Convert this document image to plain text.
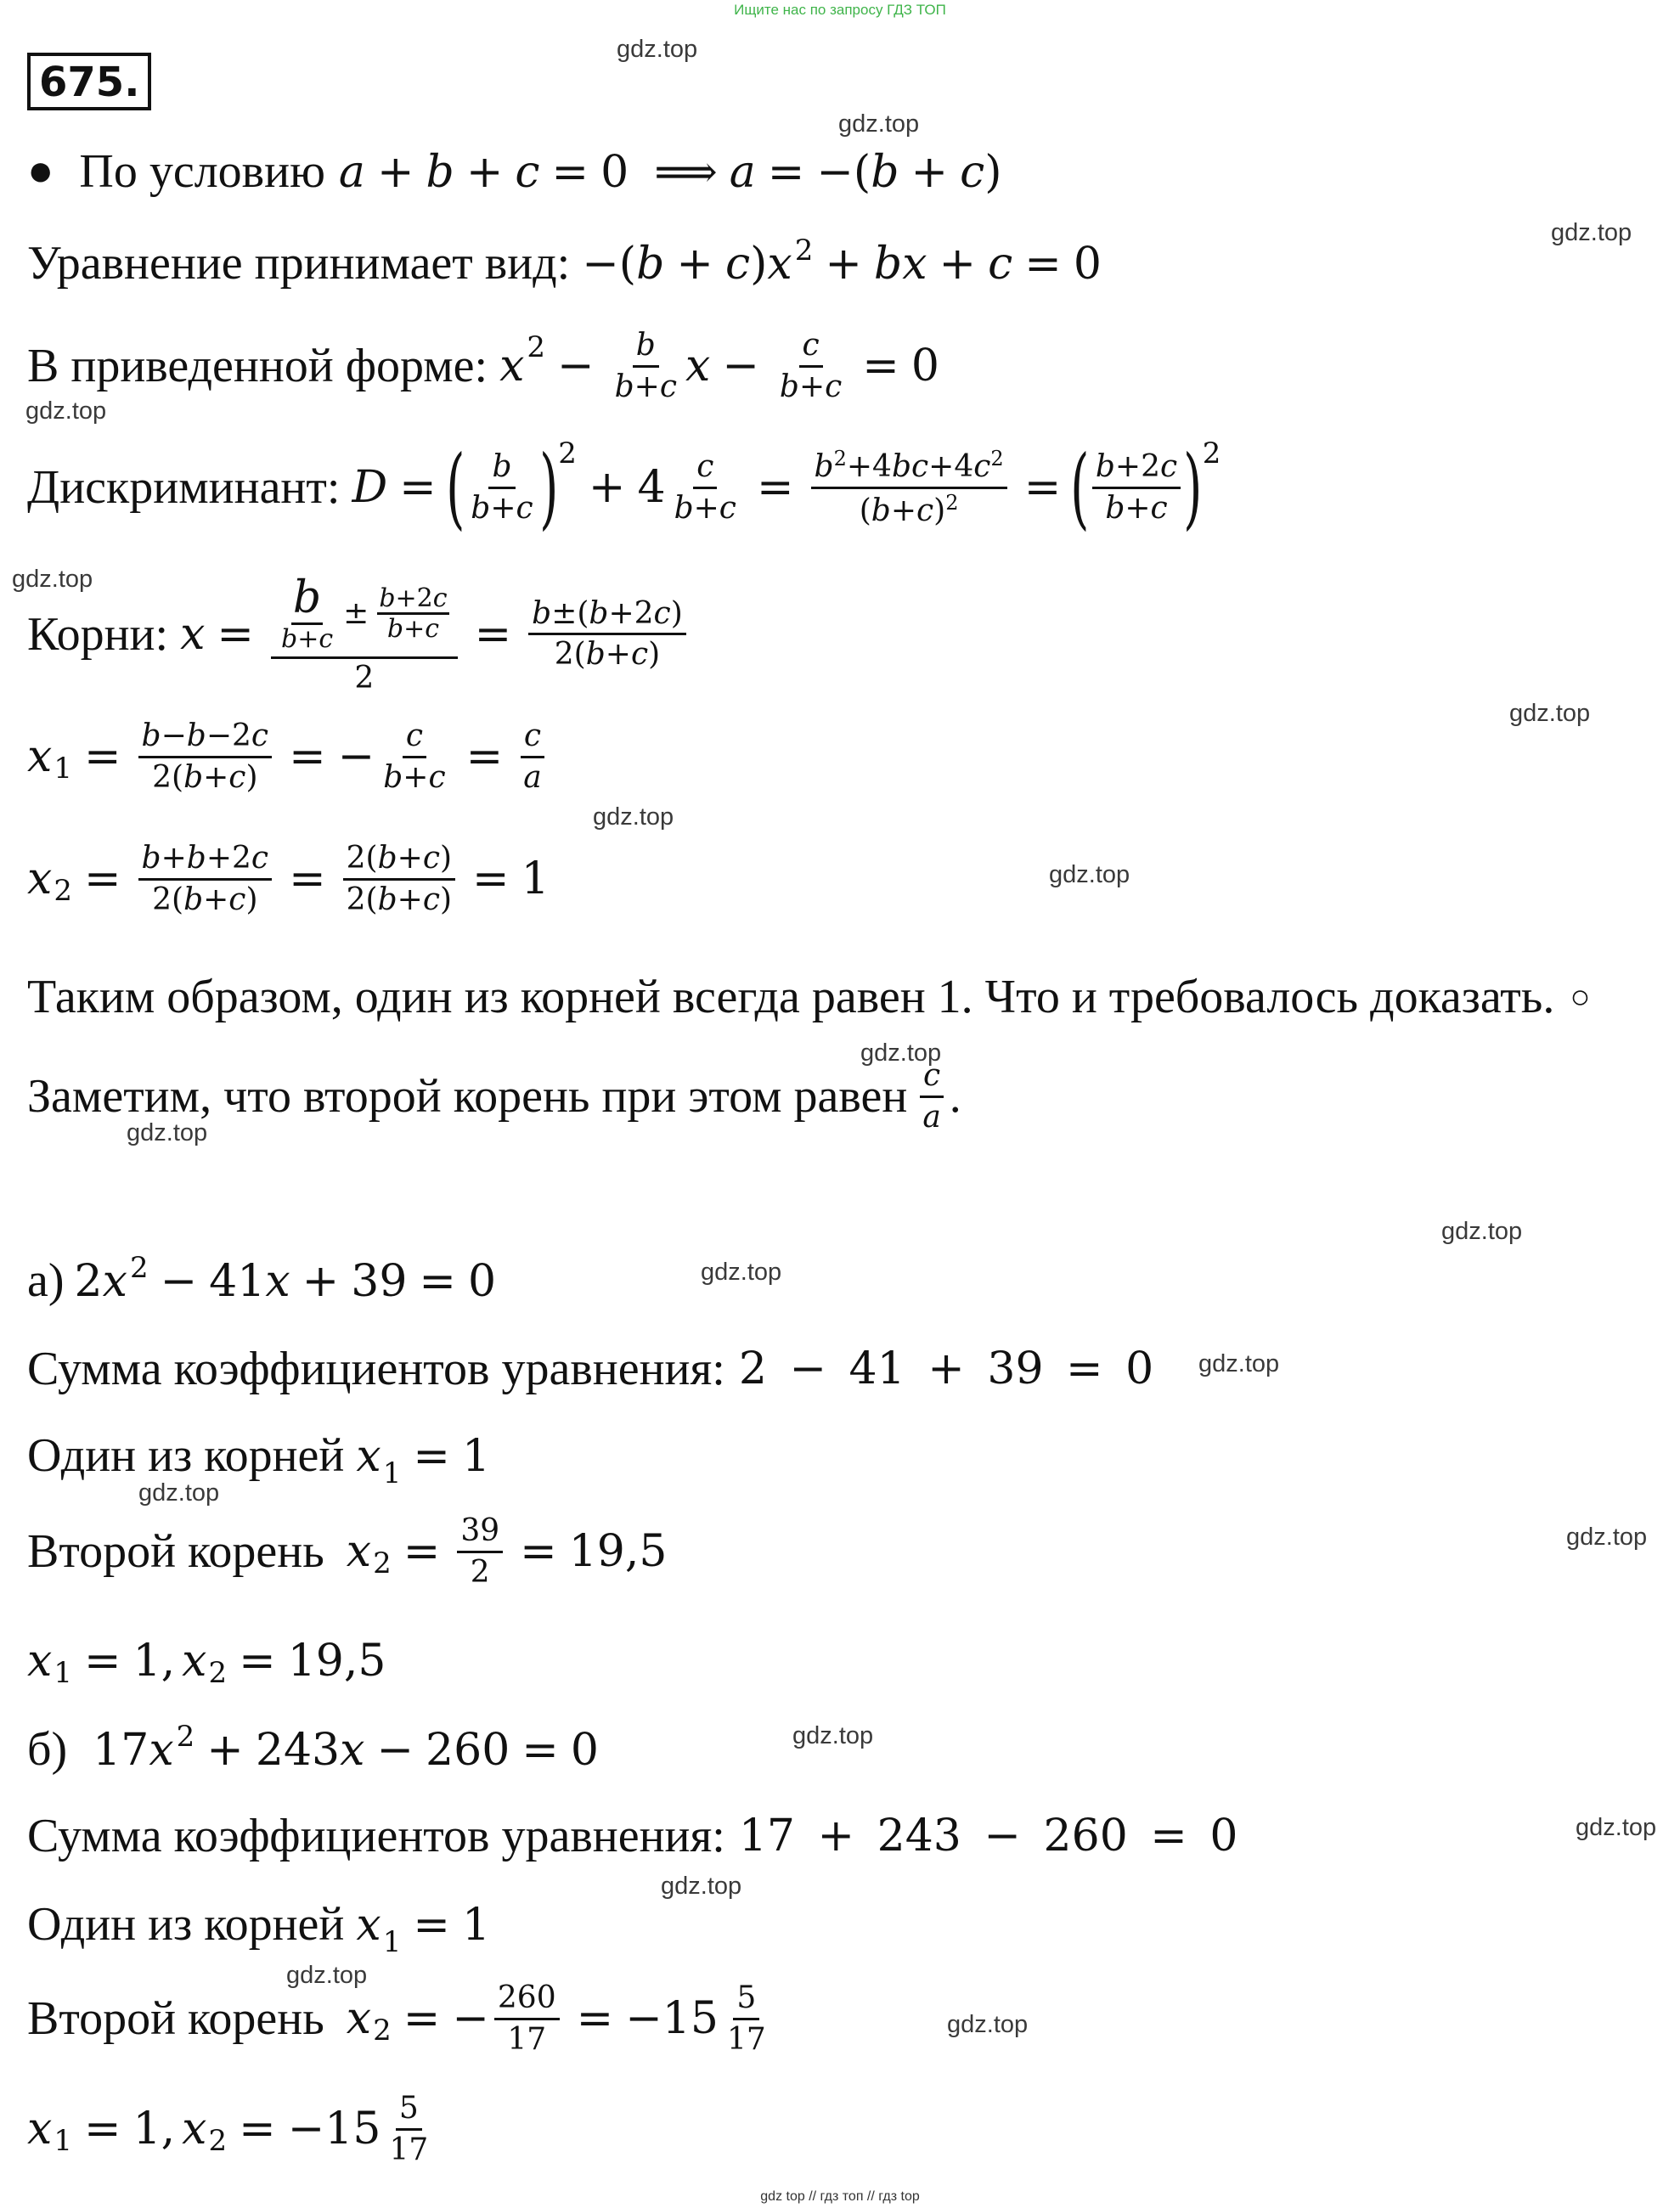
Ищите нас по запросу ГДЗ ТОП
gdz.top
gdz.top
gdz.top
gdz.top
gdz.top
gdz.top
gdz.top
gdz.top
gdz.top
gdz.top
gdz.top
gdz.top
gdz.top
gdz.top
gdz.top
gdz.top
gdz.top
gdz.top
gdz.top
gdz.top
675.
● По условию a + b + c = 0 ⟹ a = −(b + c)
Уравнение принимает вид: $-(b + c)x^2$ + bx + c = 0
В приведенной форме: x $2 - \frac{b}{b+c}$ $x - \frac{c}{b+c} = 0$
Дискриминант: D = ( $\frac{b}{b+c}$ ) 2
+ $4 \frac{c}{b+c} = \frac{b^2+4bc+4c^2}{(b+c)^2}$ = ( $\frac{b+2c}{b+c}$ ) 2
Корни: $x = \frac{\frac{b}{b+c} \pm \frac{b+2c}{b+c}}{2} = \frac{b\pm(b+2c)}{2(b+c)}$
x $1 = \frac{b-b-2c}{2(b+c)}$ = − $\frac{c}{b+c} = \frac{c}{a}$
x $2 = \frac{b+b+2c}{2(b+c)} = \frac{2(b+c)}{2(b+c)} = 1$
Таким образом, один из корней всегда равен 1. Что и требовалось доказать. ○
Заметим, что второй корень при этом равен $\frac{c}{a}$ .
а) $2x^2 - 41x + 39 = 0$
Сумма коэффициентов уравнения: 2 − 41 + 39 = 0
Один из корней $x_1 = 1$
Второй корень x $2 = \frac{39}{2} = 19,5$
x 1 = 1, x 2 = 19,5
б) $17x^2 + 243x - 260 = 0$
Сумма коэффициентов уравнения: 17 + 243 − 260 = 0
Один из корней $x_1 = 1$
Второй корень x 2 = − $\frac{260}{17} = -15 \frac{5}{17}$
x 1 = 1, x $2 = -15 \frac{5}{17}$
gdz top // гдз топ // гдз top
